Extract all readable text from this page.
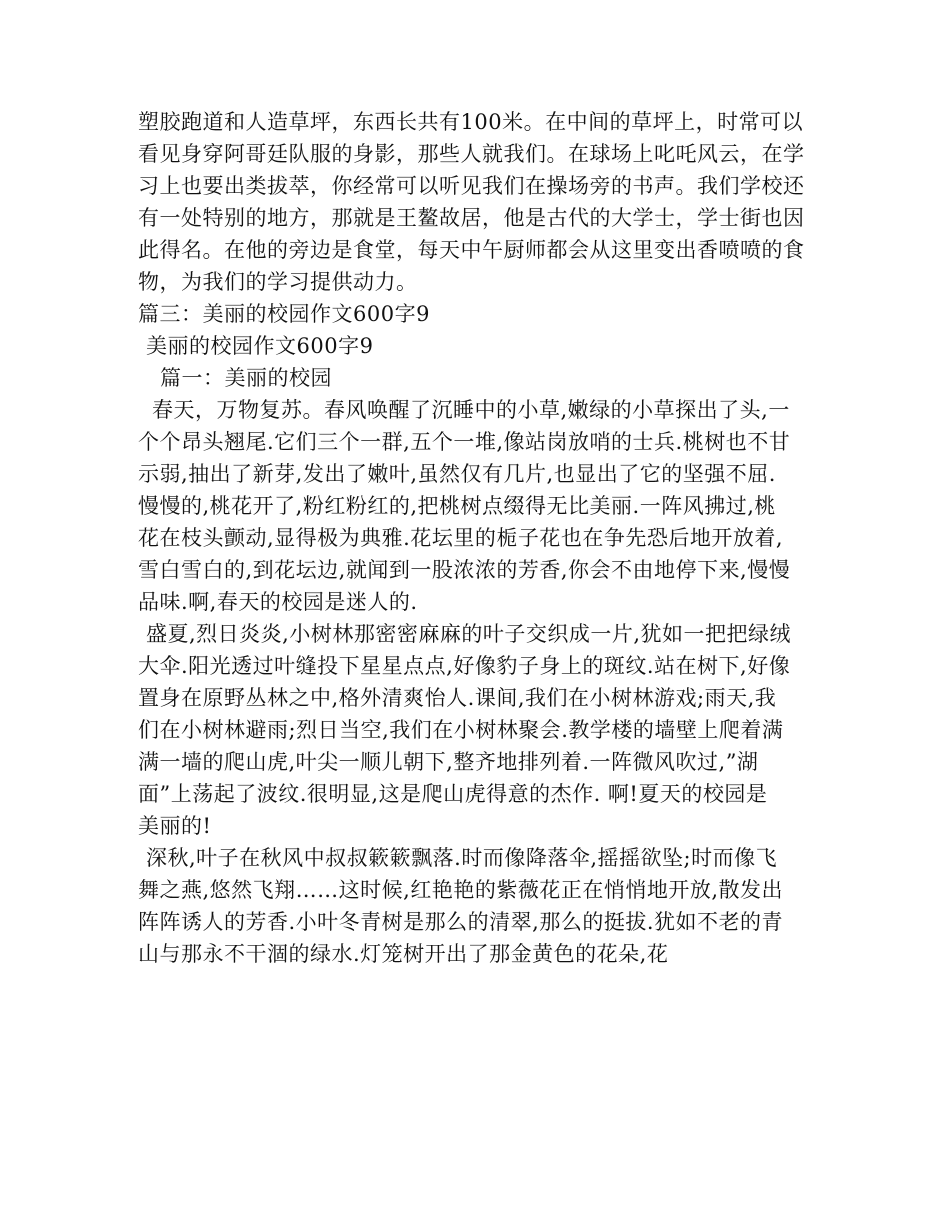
塑胶跑道和人造草坪，东西长共有100米。在中间的草坪上，时常可以
看见身穿阿哥廷队服的身影，那些人就我们。在球场上叱吒风云，在学
习上也要出类拔萃，你经常可以听见我们在操场旁的书声。我们学校还
有一处特别的地方，那就是王鳌故居，他是古代的大学士，学士街也因
此得名。在他的旁边是食堂，每天中午厨师都会从这里变出香喷喷的食
物，为我们的学习提供动力。
篇三：美丽的校园作文600字9
美丽的校园作文600字9
篇一：美丽的校园
春天，万物复苏。春风唤醒了沉睡中的小草,嫩绿的小草探出了头,一
个个昂头翘尾.它们三个一群,五个一堆,像站岗放哨的士兵.桃树也不甘
示弱,抽出了新芽,发出了嫩叶,虽然仅有几片,也显出了它的坚强不屈.
慢慢的,桃花开了,粉红粉红的,把桃树点缀得无比美丽.一阵风拂过,桃
花在枝头颤动,显得极为典雅.花坛里的栀子花也在争先恐后地开放着,
雪白雪白的,到花坛边,就闻到一股浓浓的芳香,你会不由地停下来,慢慢
品味.啊,春天的校园是迷人的.
盛夏,烈日炎炎,小树林那密密麻麻的叶子交织成一片,犹如一把把绿绒
大伞.阳光透过叶缝投下星星点点,好像豹子身上的斑纹.站在树下,好像
置身在原野丛林之中,格外清爽怡人.课间,我们在小树林游戏;雨天,我
们在小树林避雨;烈日当空,我们在小树林聚会.教学楼的墙壁上爬着满
满一墙的爬山虎,叶尖一顺儿朝下,整齐地排列着.一阵微风吹过,”湖
面”上荡起了波纹.很明显,这是爬山虎得意的杰作. 啊!夏天的校园是
美丽的!
深秋,叶子在秋风中叔叔簌簌飘落.时而像降落伞,摇摇欲坠;时而像飞
舞之燕,悠然飞翔……这时候,红艳艳的紫薇花正在悄悄地开放,散发出
阵阵诱人的芳香.小叶冬青树是那么的清翠,那么的挺拔.犹如不老的青
山与那永不干涸的绿水.灯笼树开出了那金黄色的花朵,花
